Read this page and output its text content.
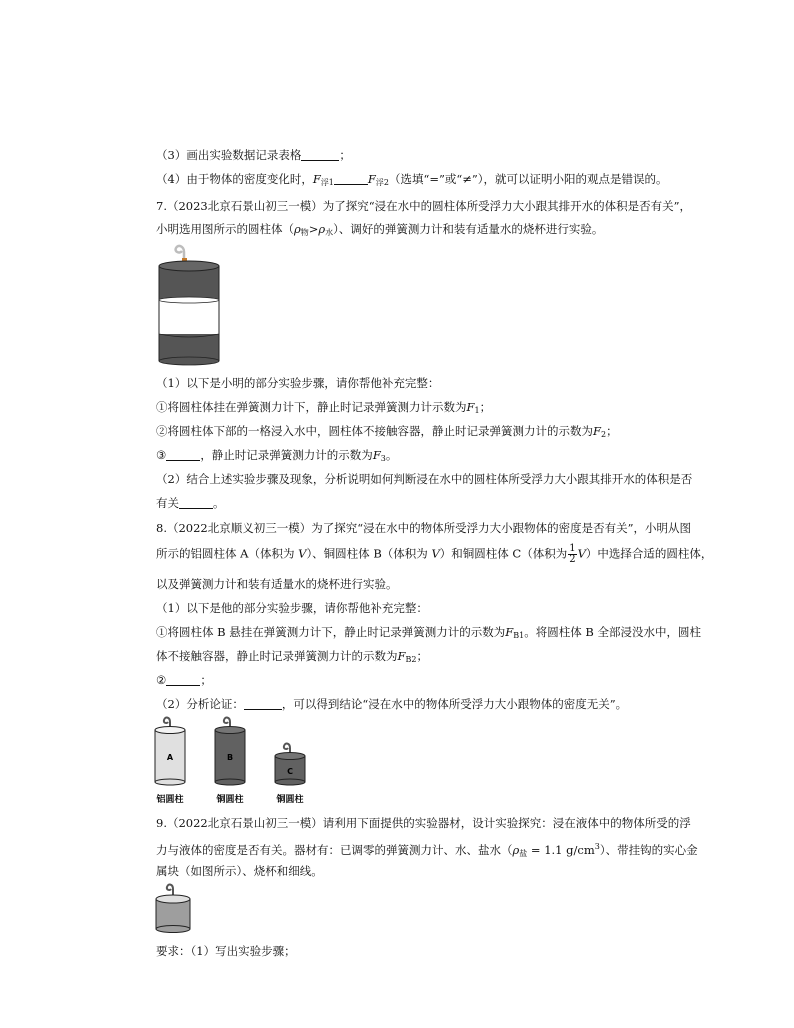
（3）画出实验数据记录表格	；
（4）由于物体的密度变化时，$F_{浮1}$	$F_{浮2}$（选填“=”或“≠”），就可以证明小阳的观点是错误的。
7.（2023北京石景山初三一模）为了探究“浸在水中的圆柱体所受浮力大小跟其排开水的体积是否有关”，
小明选用图所示的圆柱体$(\rho_物>\rho_水)$、调好的弹簧测力计和装有适量水的烧杯进行实验。
（1）以下是小明的部分实验步骤，请你帮他补充完整：
①将圆柱体挂在弹簧测力计下，静止时记录弹簧测力计示数为$F_1$；
②将圆柱体下部的一格浸入水中，圆柱体不接触容器，静止时记录弹簧测力计的示数为$F_2$；
③	，静止时记录弹簧测力计的示数为$F_3$。
（2）结合上述实验步骤及现象，分析说明如何判断浸在水中的圆柱体所受浮力大小跟其排开水的体积是否
有关	。
8.（2022北京顺义初三一模）为了探究“浸在水中的物体所受浮力大小跟物体的密度是否有关”，小明从图
所示的铝圆柱体 A（体积为 V）、铜圆柱体 B（体积为 V）和铜圆柱体 C（体积为 $\frac{1}{2} V$）中选择合适的圆柱体，
以及弹簧测力计和装有适量水的烧杯进行实验。
（1）以下是他的部分实验步骤，请你帮他补充完整：
①将圆柱体 B 悬挂在弹簧测力计下，静止时记录弹簧测力计的示数为$F_{B1}$。将圆柱体 B 全部浸没水中，圆柱
体不接触容器，静止时记录弹簧测力计的示数为$F_{B2}$；
②	；
（2）分析论证：	，可以得到结论“浸在水中的物体所受浮力大小跟物体的密度无关”。
A	B
C
铝圆柱	铜圆柱	铜圆柱
9.（2022北京石景山初三一模）请利用下面提供的实验器材，设计实验探究：浸在液体中的物体所受的浮
力与液体的密度是否有关。器材有：已调零的弹簧测力计、水、盐水（$\rho_盐 = 1.1$ $g/cm^3$）、带挂钩的实心金
属块（如图所示）、烧杯和细线。
要求：（1）写出实验步骤；
